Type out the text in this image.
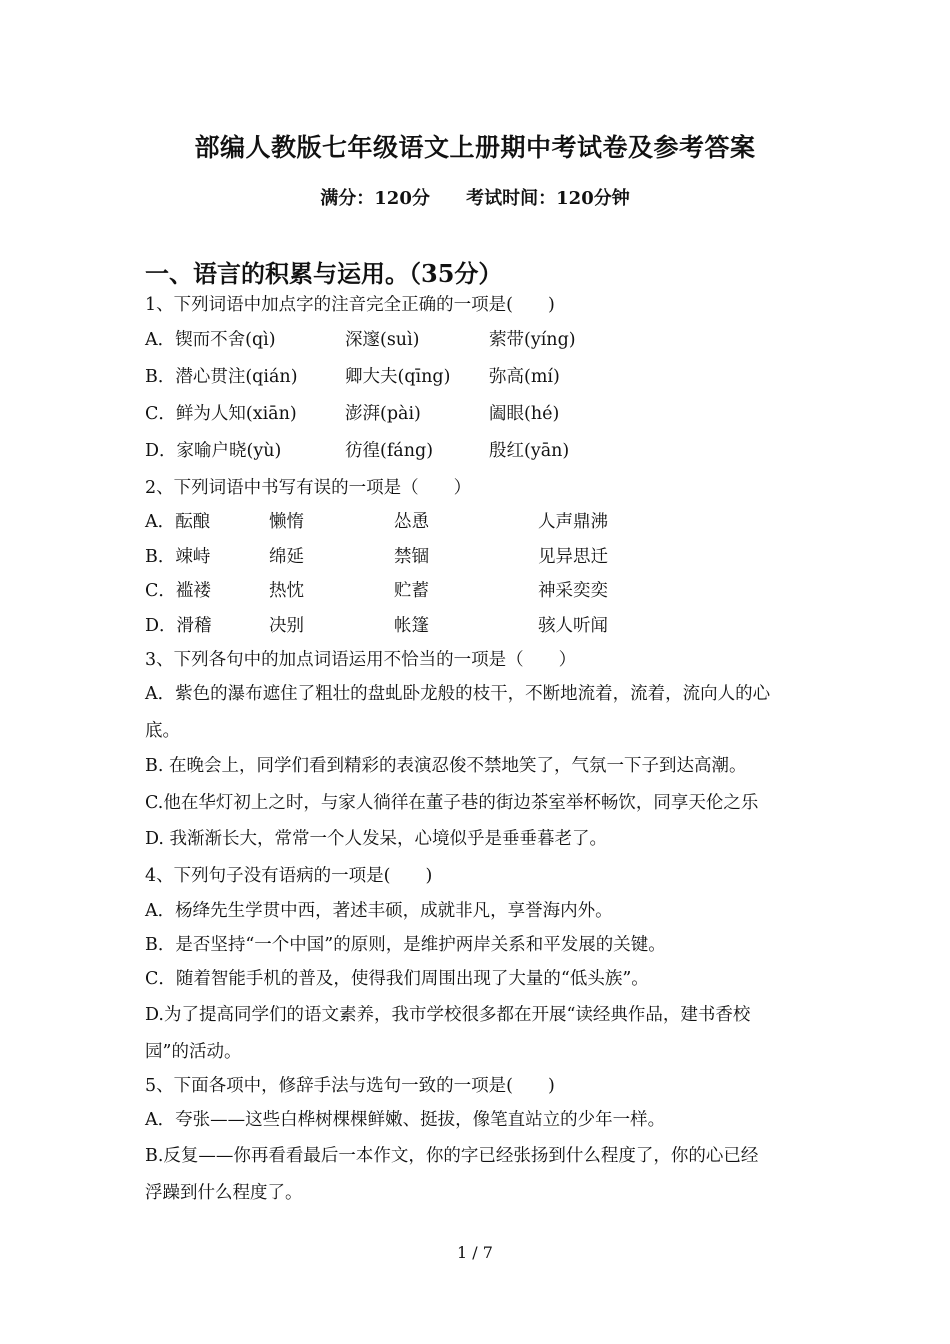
部编人教版七年级语文上册期中考试卷及参考答案
满分：120分 考试时间：120分钟
一、语言的积累与运用。（35分）
1、下列词语中加点字的注音完全正确的一项是(　　)
A．锲而不舍(qì)	深邃(suì)	萦带(yíng)
B．潜心贯注(qián)	卿大夫(qīng) 弥高(mí)
C．鲜为人知(xiān)	澎湃(pài)	阖眼(hé)
D．家喻户晓(yù)	彷徨(fáng)	殷红(yān)
2、下列词语中书写有误的一项是（　　）
A．酝酿	懒惰	怂恿	人声鼎沸
B．竦峙	绵延	禁锢	见异思迁
C．褴褛	热忱	贮蓄	神采奕奕
D．滑稽	决别	帐篷	骇人听闻
3、下列各句中的加点词语运用不恰当的一项是（　　）
A．紫色的瀑布遮住了粗壮的盘虬卧龙般的枝干，不断地流着，流着，流向人的心
底。
B. 在晚会上，同学们看到精彩的表演忍俊不禁地笑了，气氛一下子到达高潮。
C.他在华灯初上之时，与家人徜徉在董子巷的街边茶室举杯畅饮，同享天伦之乐
D. 我渐渐长大，常常一个人发呆，心境似乎是垂垂暮老了。
4、下列句子没有语病的一项是(　　)
A．杨绛先生学贯中西，著述丰硕，成就非凡，享誉海内外。
B．是否坚持“一个中国”的原则，是维护两岸关系和平发展的关键。
C．随着智能手机的普及，使得我们周围出现了大量的“低头族”。
D.为了提高同学们的语文素养，我市学校很多都在开展“读经典作品，建书香校
园”的活动。
5、下面各项中，修辞手法与选句一致的一项是(　　)
A．夸张——这些白桦树棵棵鲜嫩、挺拔，像笔直站立的少年一样。
B.反复——你再看看最后一本作文，你的字已经张扬到什么程度了，你的心已经
浮躁到什么程度了。
1 / 7
